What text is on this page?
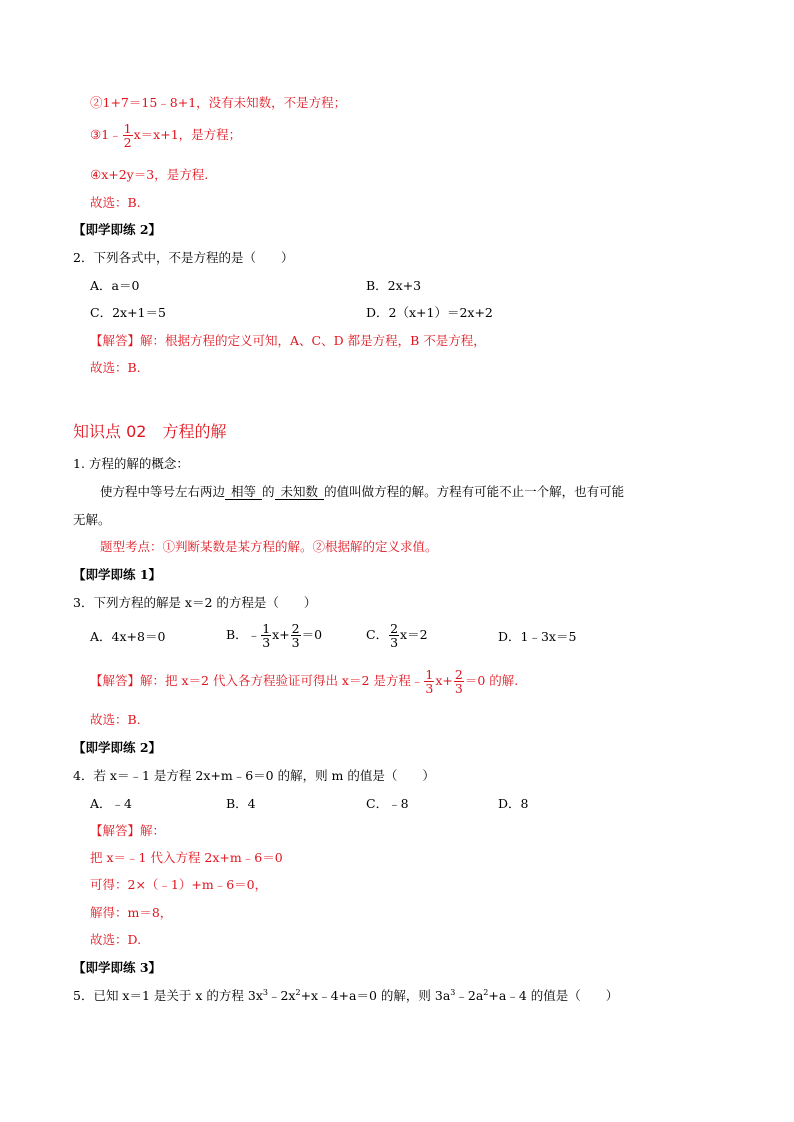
②1+7＝15﹣8+1，没有未知数，不是方程；
③1﹣ $\frac{1}{2} x=x+1$，是方程；
④x+2y＝3，是方程.
故选：B.
【即学即练 2】
2．下列各式中，不是方程的是（　　）
A．a＝0	B．2x+3
C．2x+1＝5	D．2（x+1）＝2x+2
【解答】解：根据方程的定义可知，A、C、D 都是方程，B 不是方程，
故选：B.
知识点 02　方程的解
1. 方程的解的概念：
使方程中等号左右两边 相等 的 未知数 的值叫做方程的解。方程有可能不止一个解，也有可能
无解。
题型考点：①判断某数是某方程的解。②根据解的定义求值。
【即学即练 1】
3．下列方程的解是 x＝2 的方程是（　　）
A．4x+8＝0	B．﹣ $\frac{1}{3} x+ \frac{2}{3} =0$	C． $\frac{2}{3} x=2$	D．1﹣3x＝5
【解答】解：把 x＝2 代入各方程验证可得出 x＝2 是方程﹣ $\frac{1}{3} x+ \frac{2}{3} =0$ 的解.
故选：B.
【即学即练 2】
4．若 x＝﹣1 是方程 2x+m﹣6＝0 的解，则 m 的值是（　　）
A．﹣4	B．4	C．﹣8	D．8
【解答】解：
把 x＝﹣1 代入方程 2x+m﹣6＝0
可得：2×（﹣1）+m﹣6＝0，
解得：m＝8，
故选：D.
【即学即练 3】
5．已知 x＝1 是关于 x 的方程 $3x^3﹣2x^2+x﹣4+a=0$ 的解，则 $3a^3﹣2a^2+a﹣4$ 的值是（　　）
